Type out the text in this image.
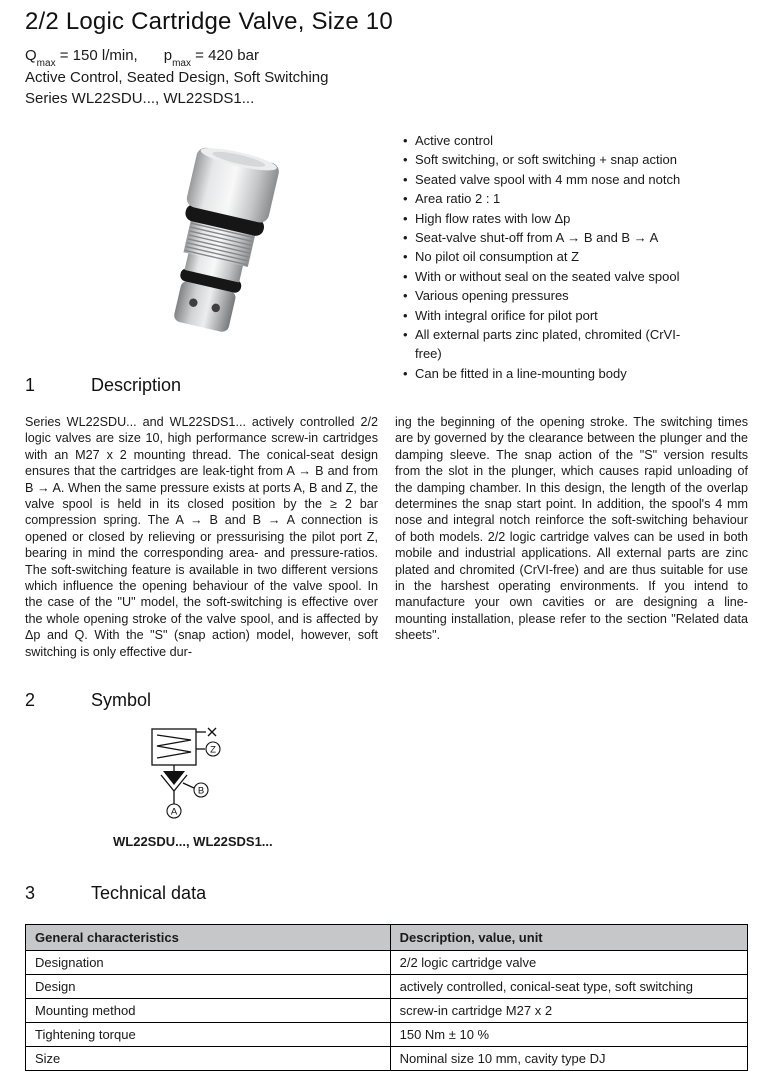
2/2 Logic Cartridge Valve, Size 10
$Q_{max} = 150$ l/min, $p_{max} = 420$ bar
Active Control, Seated Design, Soft Switching
Series WL22SDU..., WL22SDS1...
• Active control
• Soft switching, or soft switching + snap action
• Seated valve spool with 4 mm nose and notch
• Area ratio 2 : 1
• High flow rates with low Δp
• Seat-valve shut-off from A → B and B → A
• No pilot oil consumption at Z
• With or without seal on the seated valve spool
• Various opening pressures
• With integral orifice for pilot port
• All external parts zinc plated, chromited (CrVI-free)
• Can be fitted in a line-mounting body
1	Description
Series WL22SDU... and WL22SDS1... actively controlled 2/2 logic valves are size 10, high performance screw-in cartridges with an M27 x 2 mounting thread. The conical-seat design ensures that the cartridges are leak-tight from A → B and from B → A. When the same pressure exists at ports A, B and Z, the valve spool is held in its closed position by the ≥ 2 bar compression spring. The A → B and B → A connection is opened or closed by relieving or pressurising the pilot port Z, bearing in mind the corresponding area- and pressure-ratios. The soft-switching feature is available in two different versions which influence the opening behaviour of the valve spool. In the case of the "U" model, the soft-switching is effective over the whole opening stroke of the valve spool, and is affected by Δp and Q. With the "S" (snap action) model, however, soft switching is only effective dur-
ing the beginning of the opening stroke. The switching times are by governed by the clearance between the plunger and the damping sleeve. The snap action of the "S" version results from the slot in the plunger, which causes rapid unloading of the damping chamber. In this design, the length of the overlap determines the snap start point. In addition, the spool's 4 mm nose and integral notch reinforce the soft-switching behaviour of both models. 2/2 logic cartridge valves can be used in both mobile and industrial applications. All external parts are zinc plated and chromited (CrVI-free) and are thus suitable for use in the harshest operating environments. If you intend to manufacture your own cavities or are designing a line-mounting installation, please refer to the section "Related data sheets".
2	Symbol
Z
B
A
WL22SDU..., WL22SDS1...
3	Technical data
General characteristics	Description, value, unit
Designation	2/2 logic cartridge valve
Design	actively controlled, conical-seat type, soft switching
Mounting method	screw-in cartridge M27 x 2
Tightening torque	150 Nm ± 10 %
Size	Nominal size 10 mm, cavity type DJ
